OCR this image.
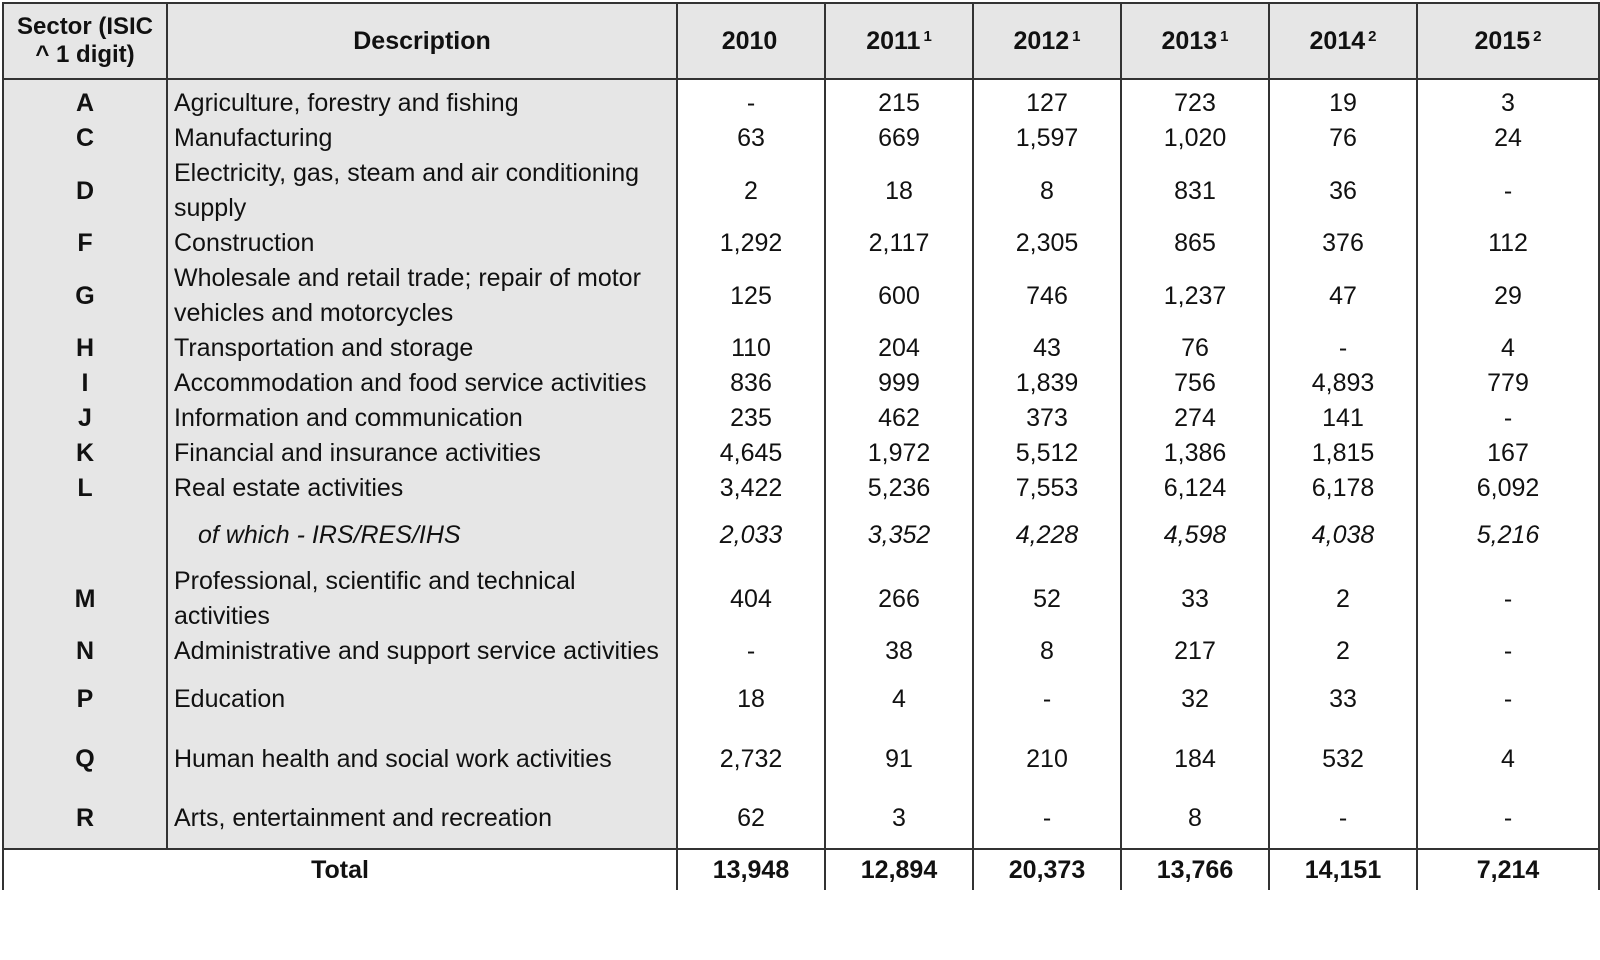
Sector (ISIC
^ 1 digit)	Description	2010	2011 $^1$	2012 $^1$	2013 $^1$	2014 $^2$	2015 $^2$

A	Agriculture, forestry and fishing	-	215	127	723	19	3
C	Manufacturing	63	669	1,597	1,020	76	24
D	Electricity, gas, steam and air conditioning supply	2	18	8	831	36	-
F	Construction	1,292	2,117	2,305	865	376	112
G	Wholesale and retail trade; repair of motor vehicles and motorcycles	125	600	746	1,237	47	29
H	Transportation and storage	110	204	43	76	-	4
I	Accommodation and food service activities	836	999	1,839	756	4,893	779
J	Information and communication	235	462	373	274	141	-
K	Financial and insurance activities	4,645	1,972	5,512	1,386	1,815	167
L	Real estate activities	3,422	5,236	7,553	6,124	6,178	6,092
	of which - IRS/RES/IHS	2,033	3,352	4,228	4,598	4,038	5,216
M	Professional, scientific and technical activities	404	266	52	33	2	-
N	Administrative and support service activities	-	38	8	217	2	-
P	Education	18	4	-	32	33	-
Q	Human health and social work activities	2,732	91	210	184	532	4
R	Arts, entertainment and recreation	62	3	-	8	-	-
Total		13,948	12,894	20,373	13,766	14,151	7,214
